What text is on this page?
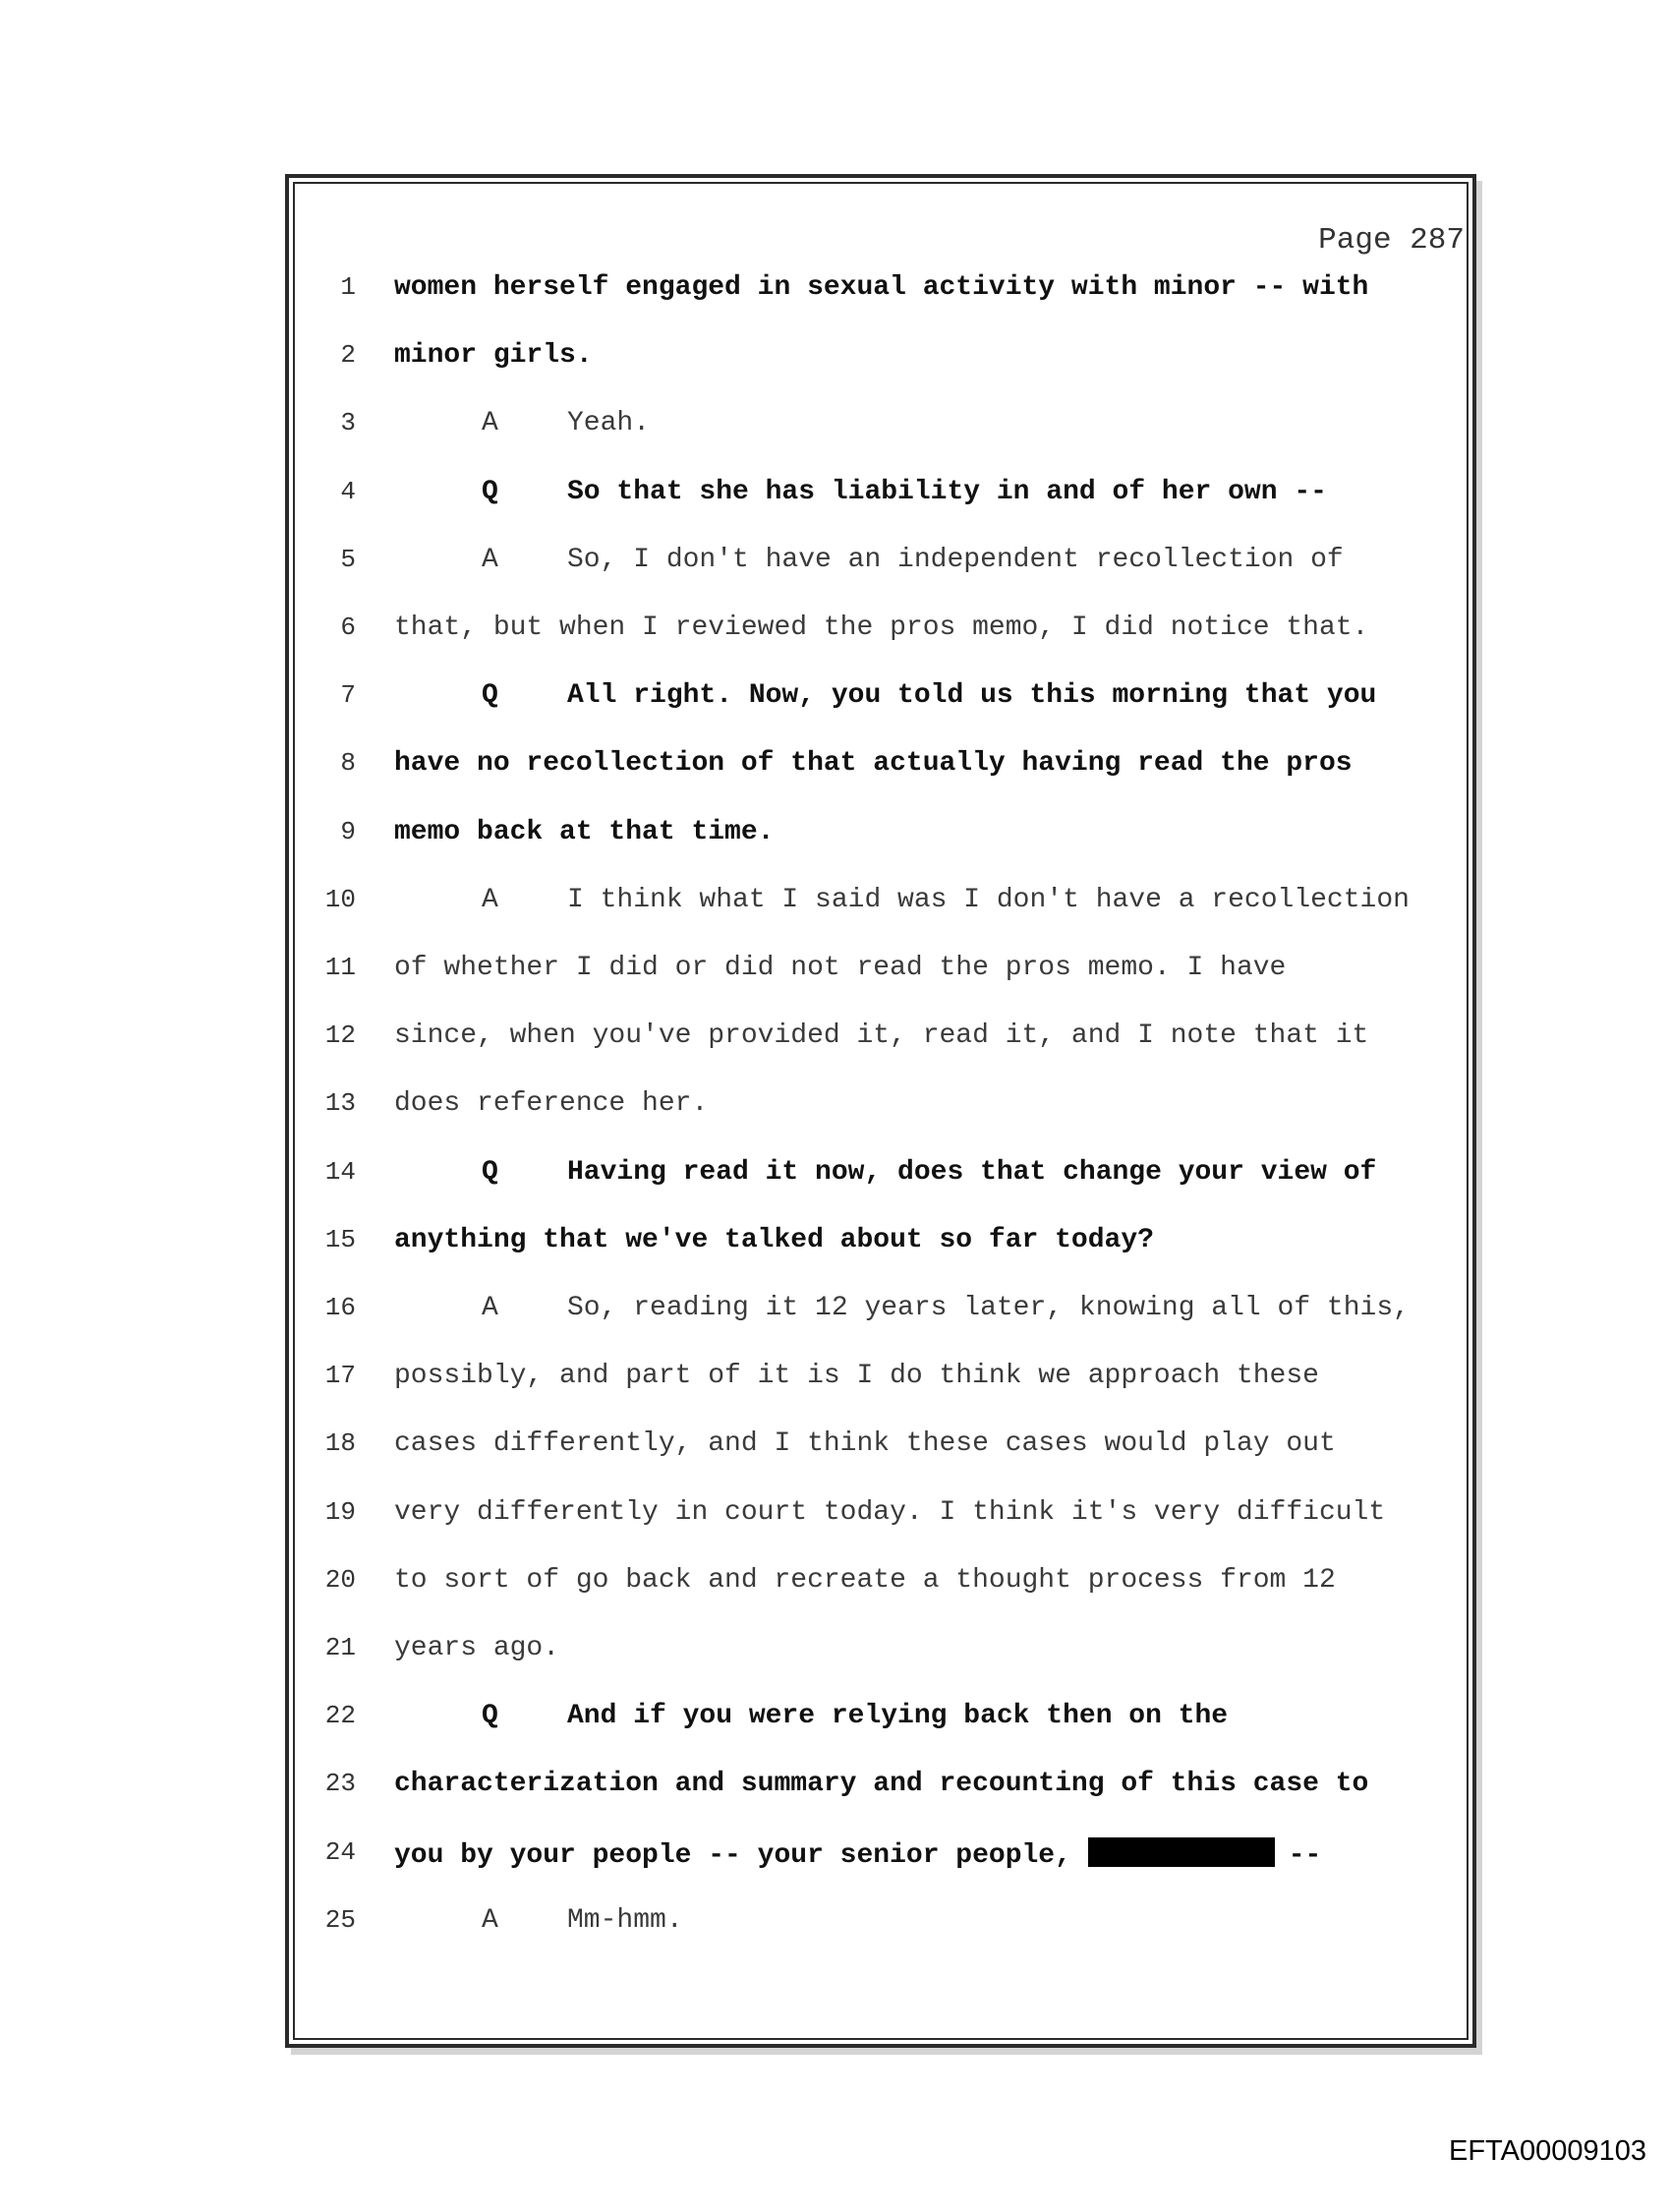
Page 287
1 women herself engaged in sexual activity with minor -- with
2 minor girls.
3	A	Yeah.
4	Q	So that she has liability in and of her own --
5	A	So, I don't have an independent recollection of
6 that, but when I reviewed the pros memo, I did notice that.
7	Q	All right. Now, you told us this morning that you
8 have no recollection of that actually having read the pros
9 memo back at that time.
10	A	I think what I said was I don't have a recollection
11 of whether I did or did not read the pros memo. I have
12 since, when you've provided it, read it, and I note that it
13 does reference her.
14	Q	Having read it now, does that change your view of
15 anything that we've talked about so far today?
16	A	So, reading it 12 years later, knowing all of this,
17 possibly, and part of it is I do think we approach these
18 cases differently, and I think these cases would play out
19 very differently in court today. I think it's very difficult
20 to sort of go back and recreate a thought process from 12
21 years ago.
22	Q	And if you were relying back then on the
23 characterization and summary and recounting of this case to
24 you by your people -- your senior people,	--
25	A	Mm-hmm.
EFTA00009103
